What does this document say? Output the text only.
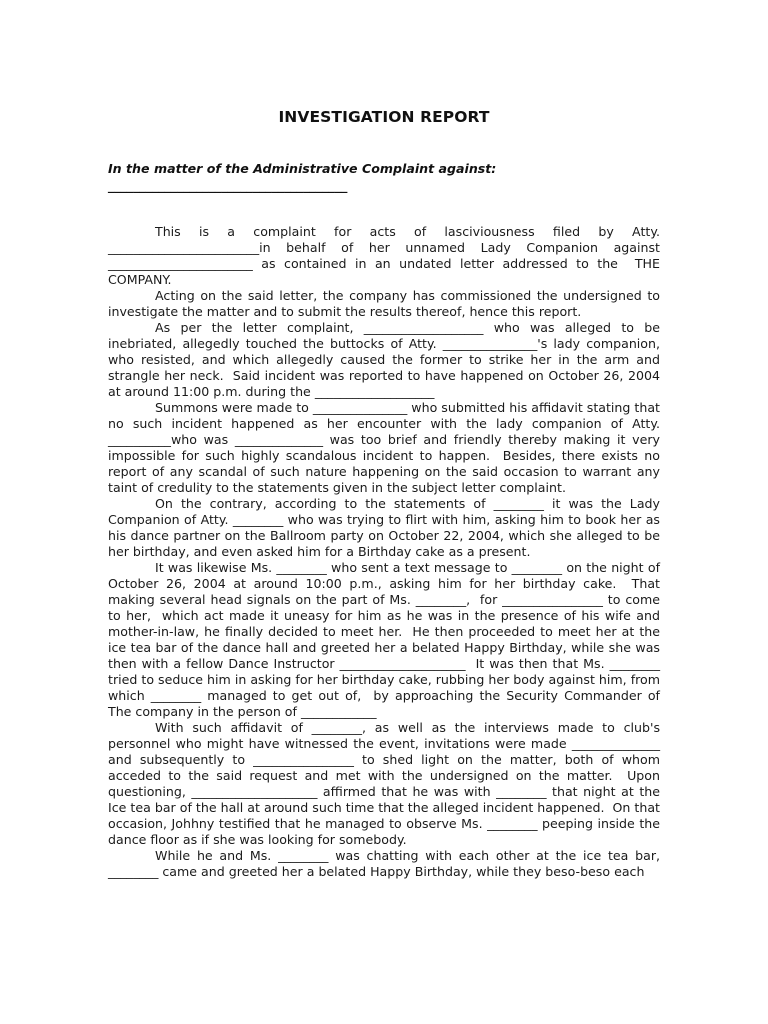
INVESTIGATION REPORT
In the matter of the Administrative Complaint against:
______________________________________

This is a complaint for acts of lasciviousness filed by Atty. ________________________in behalf of her unnamed Lady Companion against _______________________ as contained in an undated letter addressed to the  THE COMPANY.

Acting on the said letter, the company has commissioned the undersigned to investigate the matter and to submit the results thereof, hence this report.

As per the letter complaint, ___________________ who was alleged to be inebriated, allegedly touched the buttocks of Atty. _______________'s lady companion, who resisted, and which allegedly caused the former to strike her in the arm and strangle her neck.  Said incident was reported to have happened on October 26, 2004 at around 11:00 p.m. during the ___________________

Summons were made to _______________ who submitted his affidavit stating that no such incident happened as her encounter with the lady companion of Atty. __________who was ______________ was too brief and friendly thereby making it very impossible for such highly scandalous incident to happen.  Besides, there exists no report of any scandal of such nature happening on the said occasion to warrant any taint of credulity to the statements given in the subject letter complaint.

On the contrary, according to the statements of ________ it was the Lady Companion of Atty. ________ who was trying to flirt with him, asking him to book her as his dance partner on the Ballroom party on October 22, 2004, which she alleged to be her birthday, and even asked him for a Birthday cake as a present.

It was likewise Ms. ________ who sent a text message to ________ on the night of October 26, 2004 at around 10:00 p.m., asking him for her birthday cake.  That making several head signals on the part of Ms. ________,  for ________________ to come to her,  which act made it uneasy for him as he was in the presence of his wife and mother-in-law, he finally decided to meet her.  He then proceeded to meet her at the ice tea bar of the dance hall and greeted her a belated Happy Birthday, while she was then with a fellow Dance Instructor ____________________  It was then that Ms. ________ tried to seduce him in asking for her birthday cake, rubbing her body against him, from which ________ managed to get out of,  by approaching the Security Commander of The company in the person of ____________

With such affidavit of ________, as well as the interviews made to club's personnel who might have witnessed the event, invitations were made ______________ and subsequently to ________________ to shed light on the matter, both of whom acceded to the said request and met with the undersigned on the matter.  Upon questioning, ____________________ affirmed that he was with ________ that night at the Ice tea bar of the hall at around such time that the alleged incident happened.  On that occasion, Johhny testified that he managed to observe Ms. ________ peeping inside the dance floor as if she was looking for somebody.

While he and Ms. ________ was chatting with each other at the ice tea bar, ________ came and greeted her a belated Happy Birthday, while they beso-beso each
